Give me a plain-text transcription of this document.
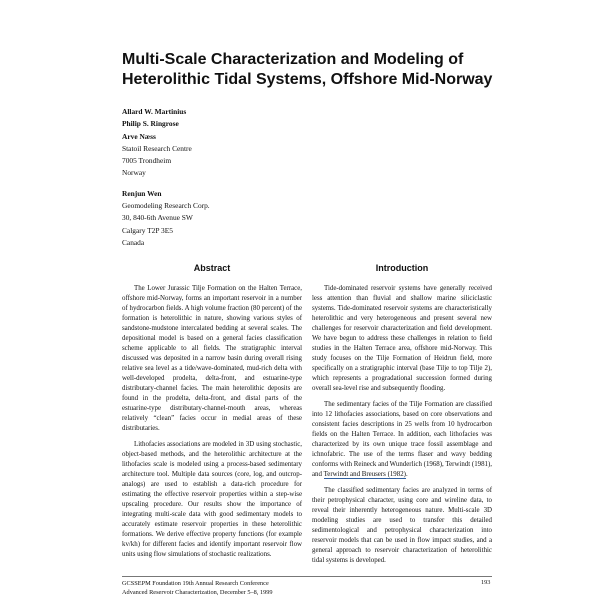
Multi-Scale Characterization and Modeling of Heterolithic Tidal Systems, Offshore Mid-Norway
Allard W. Martinius
Philip S. Ringrose
Arve Næss
Statoil Research Centre
7005 Trondheim
Norway
Renjun Wen
Geomodeling Research Corp.
30, 840-6th Avenue SW
Calgary T2P 3E5
Canada
Abstract	Introduction

The Lower Jurassic Tilje Formation on the Halten Terrace, offshore mid-Norway, forms an important reservoir in a number of hydrocarbon fields. A high volume fraction (80 percent) of the formation is heterolithic in nature, showing various styles of sandstone-mudstone intercalated bedding at several scales. The depositional model is based on a general facies classification scheme applicable to all fields. The stratigraphic interval discussed was deposited in a narrow basin during overall rising relative sea level as a tide/wave-dominated, mud-rich delta with well-developed prodelta, delta-front, and estuarine-type distributary-channel facies. The main heterolithic deposits are found in the prodelta, delta-front, and distal parts of the estuarine-type distributary-channel-mouth areas, whereas relatively “clean” facies occur in medial areas of these distributaries.

Lithofacies associations are modeled in 3D using stochastic, object-based methods, and the heterolithic architecture at the lithofacies scale is modeled using a process-based sedimentary architecture tool. Multiple data sources (core, log, and outcrop-analogs) are used to establish a data-rich procedure for estimating the effective reservoir properties within a step-wise upscaling procedure. Our results show the importance of integrating multi-scale data with good sedimentary models to accurately estimate reservoir properties in these heterolithic formations. We derive effective property functions (for example kv/kh) for different facies and identify important reservoir flow units using flow simulations of stochastic realizations.

Tide-dominated reservoir systems have generally received less attention than fluvial and shallow marine siliciclastic systems. Tide-dominated reservoir systems are characteristically heterolithic and very heterogeneous and present several new challenges for reservoir characterization and field development. We have begun to address these challenges in relation to field studies in the Halten Terrace area, offshore mid-Norway. This study focuses on the Tilje Formation of Heidrun field, more specifically on a stratigraphic interval (base Tilje to top Tilje 2), which represents a progradational succession formed during overall sea-level rise and subsequently flooding.

The sedimentary facies of the Tilje Formation are classified into 12 lithofacies associations, based on core observations and consistent facies descriptions in 25 wells from 10 hydrocarbon fields on the Halten Terrace. In addition, each lithofacies was characterized by its own unique trace fossil assemblage and ichnofabric. The use of the terms flaser and wavy bedding conforms with Reineck and Wunderlich (1968), Terwindt (1981), and Terwindt and Breusers (1982).

The classified sedimentary facies are analyzed in terms of their petrophysical character, using core and wireline data, to reveal their inherently heterogeneous nature. Multi-scale 3D modeling studies are used to transfer this detailed sedimentological and petrophysical characterization into reservoir models that can be used in flow impact studies, and a general approach to reservoir characterization of heterolithic tidal systems is developed.

GCSSEPM Foundation 19th Annual Research Conference
Advanced Reservoir Characterization, December 5–8, 1999
193
